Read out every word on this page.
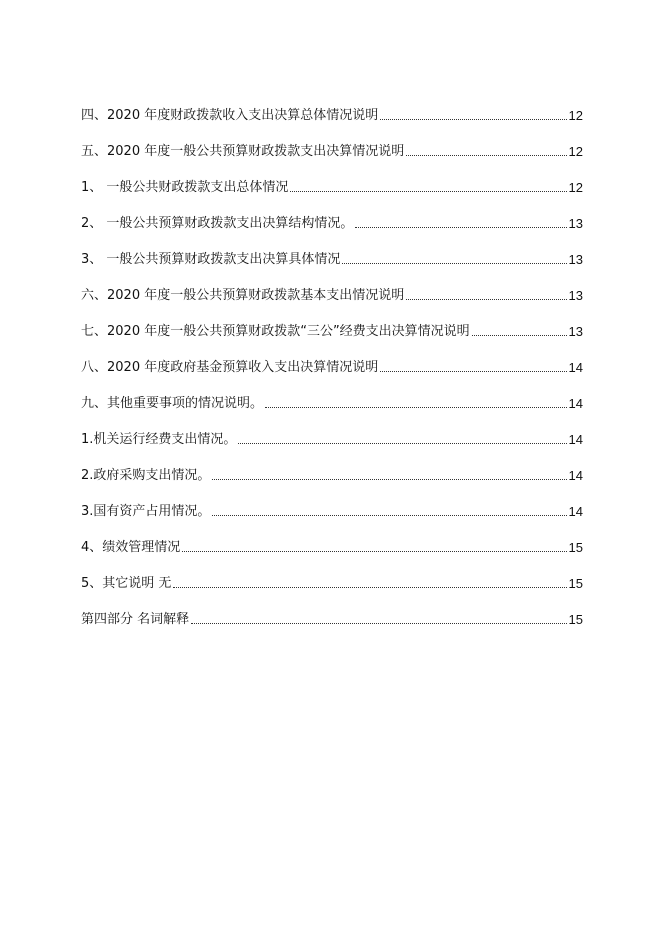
四、2020 年度财政拨款收入支出决算总体情况说明	12
五、2020 年度一般公共预算财政拨款支出决算情况说明	12
1、 一般公共财政拨款支出总体情况	12
2、 一般公共预算财政拨款支出决算结构情况。	13
3、 一般公共预算财政拨款支出决算具体情况	13
六、2020 年度一般公共预算财政拨款基本支出情况说明	13
七、2020 年度一般公共预算财政拨款“三公”经费支出决算情况说明	13
八、2020 年度政府基金预算收入支出决算情况说明	14
九、其他重要事项的情况说明。	14
1.机关运行经费支出情况。	14
2.政府采购支出情况。	14
3.国有资产占用情况。	14
4、绩效管理情况	15
5、其它说明 无	15
第四部分 名词解释	15
